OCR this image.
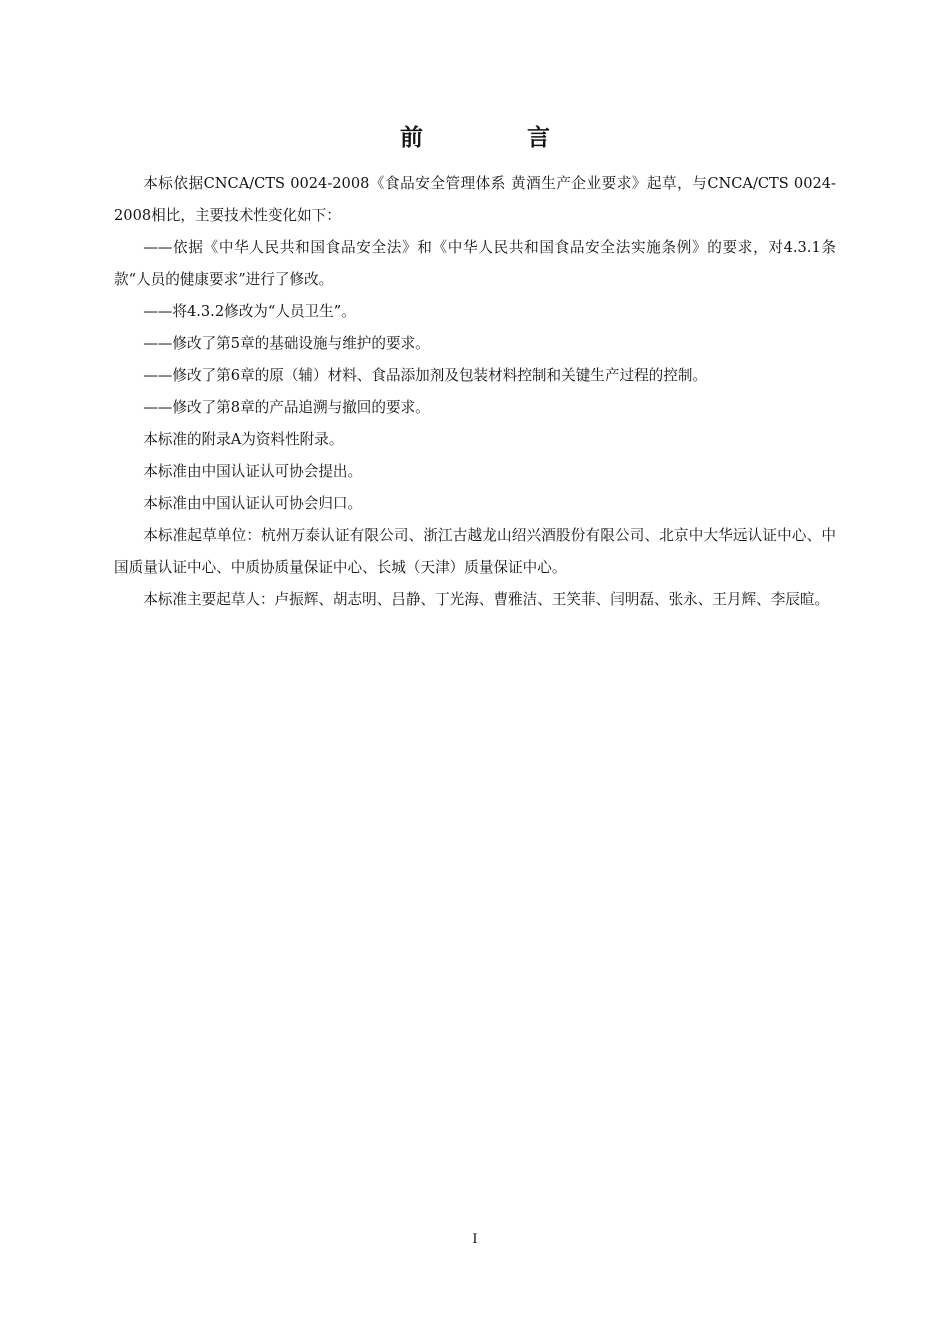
前 言

本标依据CNCA/CTS 0024-2008《食品安全管理体系 黄酒生产企业要求》起草，与CNCA/CTS 0024-2008相比，主要技术性变化如下：

——依据《中华人民共和国食品安全法》和《中华人民共和国食品安全法实施条例》的要求，对4.3.1条款“人员的健康要求”进行了修改。

——将4.3.2修改为“人员卫生”。

——修改了第5章的基础设施与维护的要求。

——修改了第6章的原（辅）材料、食品添加剂及包装材料控制和关键生产过程的控制。

——修改了第8章的产品追溯与撤回的要求。

本标准的附录A为资料性附录。

本标准由中国认证认可协会提出。

本标准由中国认证认可协会归口。

本标准起草单位：杭州万泰认证有限公司、浙江古越龙山绍兴酒股份有限公司、北京中大华远认证中心、中国质量认证中心、中质协质量保证中心、长城（天津）质量保证中心。

本标准主要起草人：卢振辉、胡志明、吕静、丁光海、曹雅洁、王笑菲、闫明磊、张永、王月辉、李辰暄。

I
